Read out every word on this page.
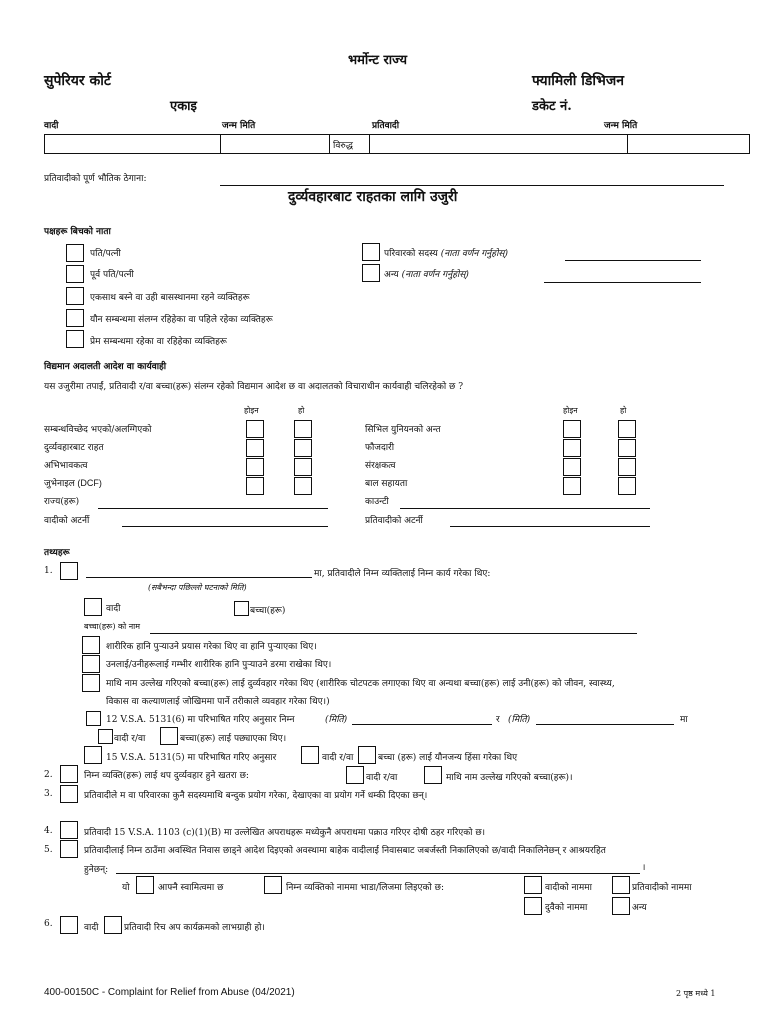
भर्मोन्ट राज्य
सुपेरियर कोर्ट	फ्यामिली डिभिजन
एकाइ	डकेट नं.
वादी	जन्म मिति	प्रतिवादी	जन्म मिति
		विरुद्ध		
प्रतिवादीको पूर्ण भौतिक ठेगाना:
दुर्व्यवहारबाट राहतका लागि उजुरी
पक्षहरू बिचको नाता
पति/पत्नी
पूर्व पति/पत्नी
एकसाथ बस्ने वा उही बासस्थानमा रहने व्यक्तिहरू
यौन सम्बन्धमा संलग्न रहिहेका वा पहिले रहेका व्यक्तिहरू
प्रेम सम्बन्धमा रहेका वा रहिहेका व्यक्तिहरू
परिवारको सदस्य (नाता वर्णन गर्नुहोस्)
अन्य (नाता वर्णन गर्नुहोस्)
विद्यमान अदालती आदेश वा कार्यवाही
यस उजुरीमा तपाईं, प्रतिवादी र/वा बच्चा(हरू) संलग्न रहेको विद्यमान आदेश छ वा अदालतको विचाराधीन कार्यवाही चलिरहेको छ ?
होइन	हो	होइन	हो
सम्बन्धविच्छेद भएको/अलग्गिएको
दुर्व्यवहारबाट राहत
अभिभावकत्व
जुभेनाइल (DCF)
राज्य(हरू)
सिभिल युनियनको अन्त
फौजदारी
संरक्षकत्व
बाल सहायता
काउन्टी
वादीको अटर्नी	प्रतिवादीको अटर्नी
तथ्यहरू
1.	मा, प्रतिवादीले निम्न व्यक्तिलाई निम्न कार्य गरेका थिए:
(सबैभन्दा पछिल्लो घटनाको मिति)
वादी	बच्चा(हरू)
बच्चा(हरू) को नाम
शारीरिक हानि पुर्‍याउने प्रयास गरेका थिए वा हानि पुर्‍याएका थिए।
उनलाई/उनीहरूलाई गम्भीर शारीरिक हानि पुर्‍याउने डरमा राखेका थिए।
माथि नाम उल्लेख गरिएको बच्चा(हरू) लाई दुर्व्यवहार गरेका थिए (शारीरिक चोटपटक लगाएका थिए वा अन्यथा बच्चा(हरू) लाई उनी(हरू) को जीवन, स्वास्थ्य,
विकास वा कल्याणलाई जोखिममा पार्ने तरीकाले व्यवहार गरेका थिए।)
12 V.S.A. 5131(6) मा परिभाषित गरिए अनुसार निम्न	(मिति)	र (मिति)	मा
वादी र/वा	बच्चा(हरू) लाई पछ्याएका थिए।
15 V.S.A. 5131(5) मा परिभाषित गरिए अनुसार	वादी र/वा	बच्चा (हरू) लाई यौनजन्य हिंसा गरेका थिए
2.	निम्न व्यक्ति(हरू) लाई थप दुर्व्यवहार हुने खतरा छ:	वादी र/वा	माथि नाम उल्लेख गरिएको बच्चा(हरू)।
3.	प्रतिवादीले म वा परिवारका कुनै सदस्यमाथि बन्दुक प्रयोग गरेका, देखाएका वा प्रयोग गर्ने धम्की दिएका छन्।
4.	प्रतिवादी 15 V.S.A. 1103 (c)(1)(B) मा उल्लेखित अपराधहरू मध्येकुनै अपराधमा पक्राउ गरिएर दोषी ठहर गरिएको छ।
5.	प्रतिवादीलाई निम्न ठाउँमा अवस्थित निवास छाड्ने आदेश दिइएको अवस्थामा बाहेक वादीलाई निवासबाट जबर्जस्ती निकालिएको छ/वादी निकालिनेछन् र आश्रयरहित
हुनेछन्:	।
यो	आफ्नै स्वामित्वमा छ	निम्न व्यक्तिको नाममा भाडा/लिजमा लिइएको छ:	वादीको नाममा	प्रतिवादीको नाममा
दुवैको नाममा	अन्य
6.	वादी	प्रतिवादी रिच अप कार्यक्रमको लाभग्राही हो।
400-00150C - Complaint for Relief from Abuse (04/2021)	2 पृष्ठ मध्ये 1
